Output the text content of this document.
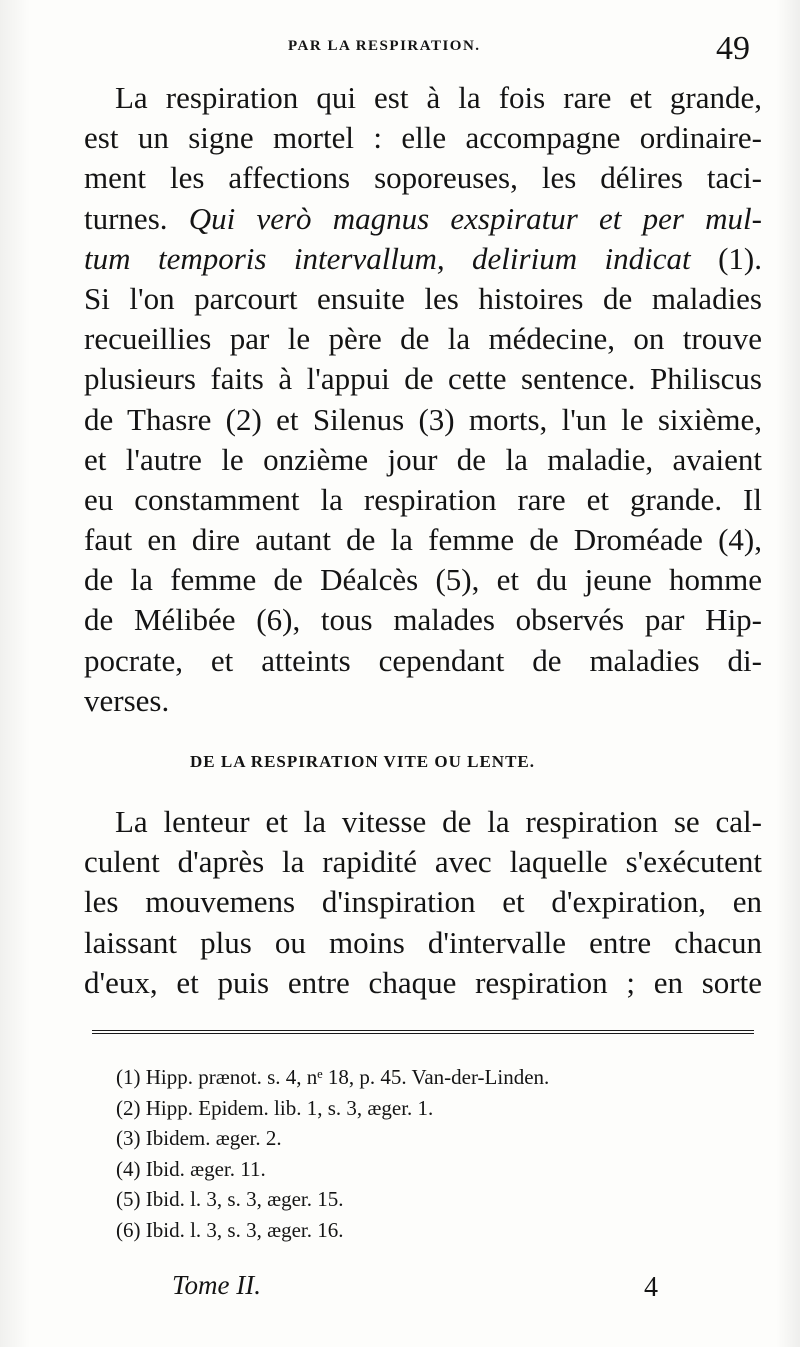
PAR LA RESPIRATION.	49
 La respiration qui est à la fois rare et grande,
est un signe mortel : elle accompagne ordinaire-
ment les affections soporeuses, les délires taci-
turnes. Qui verò magnus exspiratur et per mul-
tum temporis intervallum, delirium indicat (1).
Si l'on parcourt ensuite les histoires de maladies
recueillies par le père de la médecine, on trouve
plusieurs faits à l'appui de cette sentence. Philiscus
de Thasre (2) et Silenus (3) morts, l'un le sixième,
et l'autre le onzième jour de la maladie, avaient
eu constamment la respiration rare et grande. Il
faut en dire autant de la femme de Droméade (4),
de la femme de Déalcès (5), et du jeune homme
de Mélibée (6), tous malades observés par Hip-
pocrate, et atteints cependant de maladies di-
verses.
DE LA RESPIRATION VITE OU LENTE.
 La lenteur et la vitesse de la respiration se cal-
culent d'après la rapidité avec laquelle s'exécutent
les mouvemens d'inspiration et d'expiration, en
laissant plus ou moins d'intervalle entre chacun
d'eux, et puis entre chaque respiration ; en sorte
(1) Hipp. prænot. s. 4, nᵉ 18, p. 45. Van-der-Linden.
(2) Hipp. Epidem. lib. 1, s. 3, æger. 1.
(3) Ibidem. æger. 2.
(4) Ibid. æger. 11.
(5) Ibid. l. 3, s. 3, æger. 15.
(6) Ibid. l. 3, s. 3, æger. 16.
Tome II.	4
